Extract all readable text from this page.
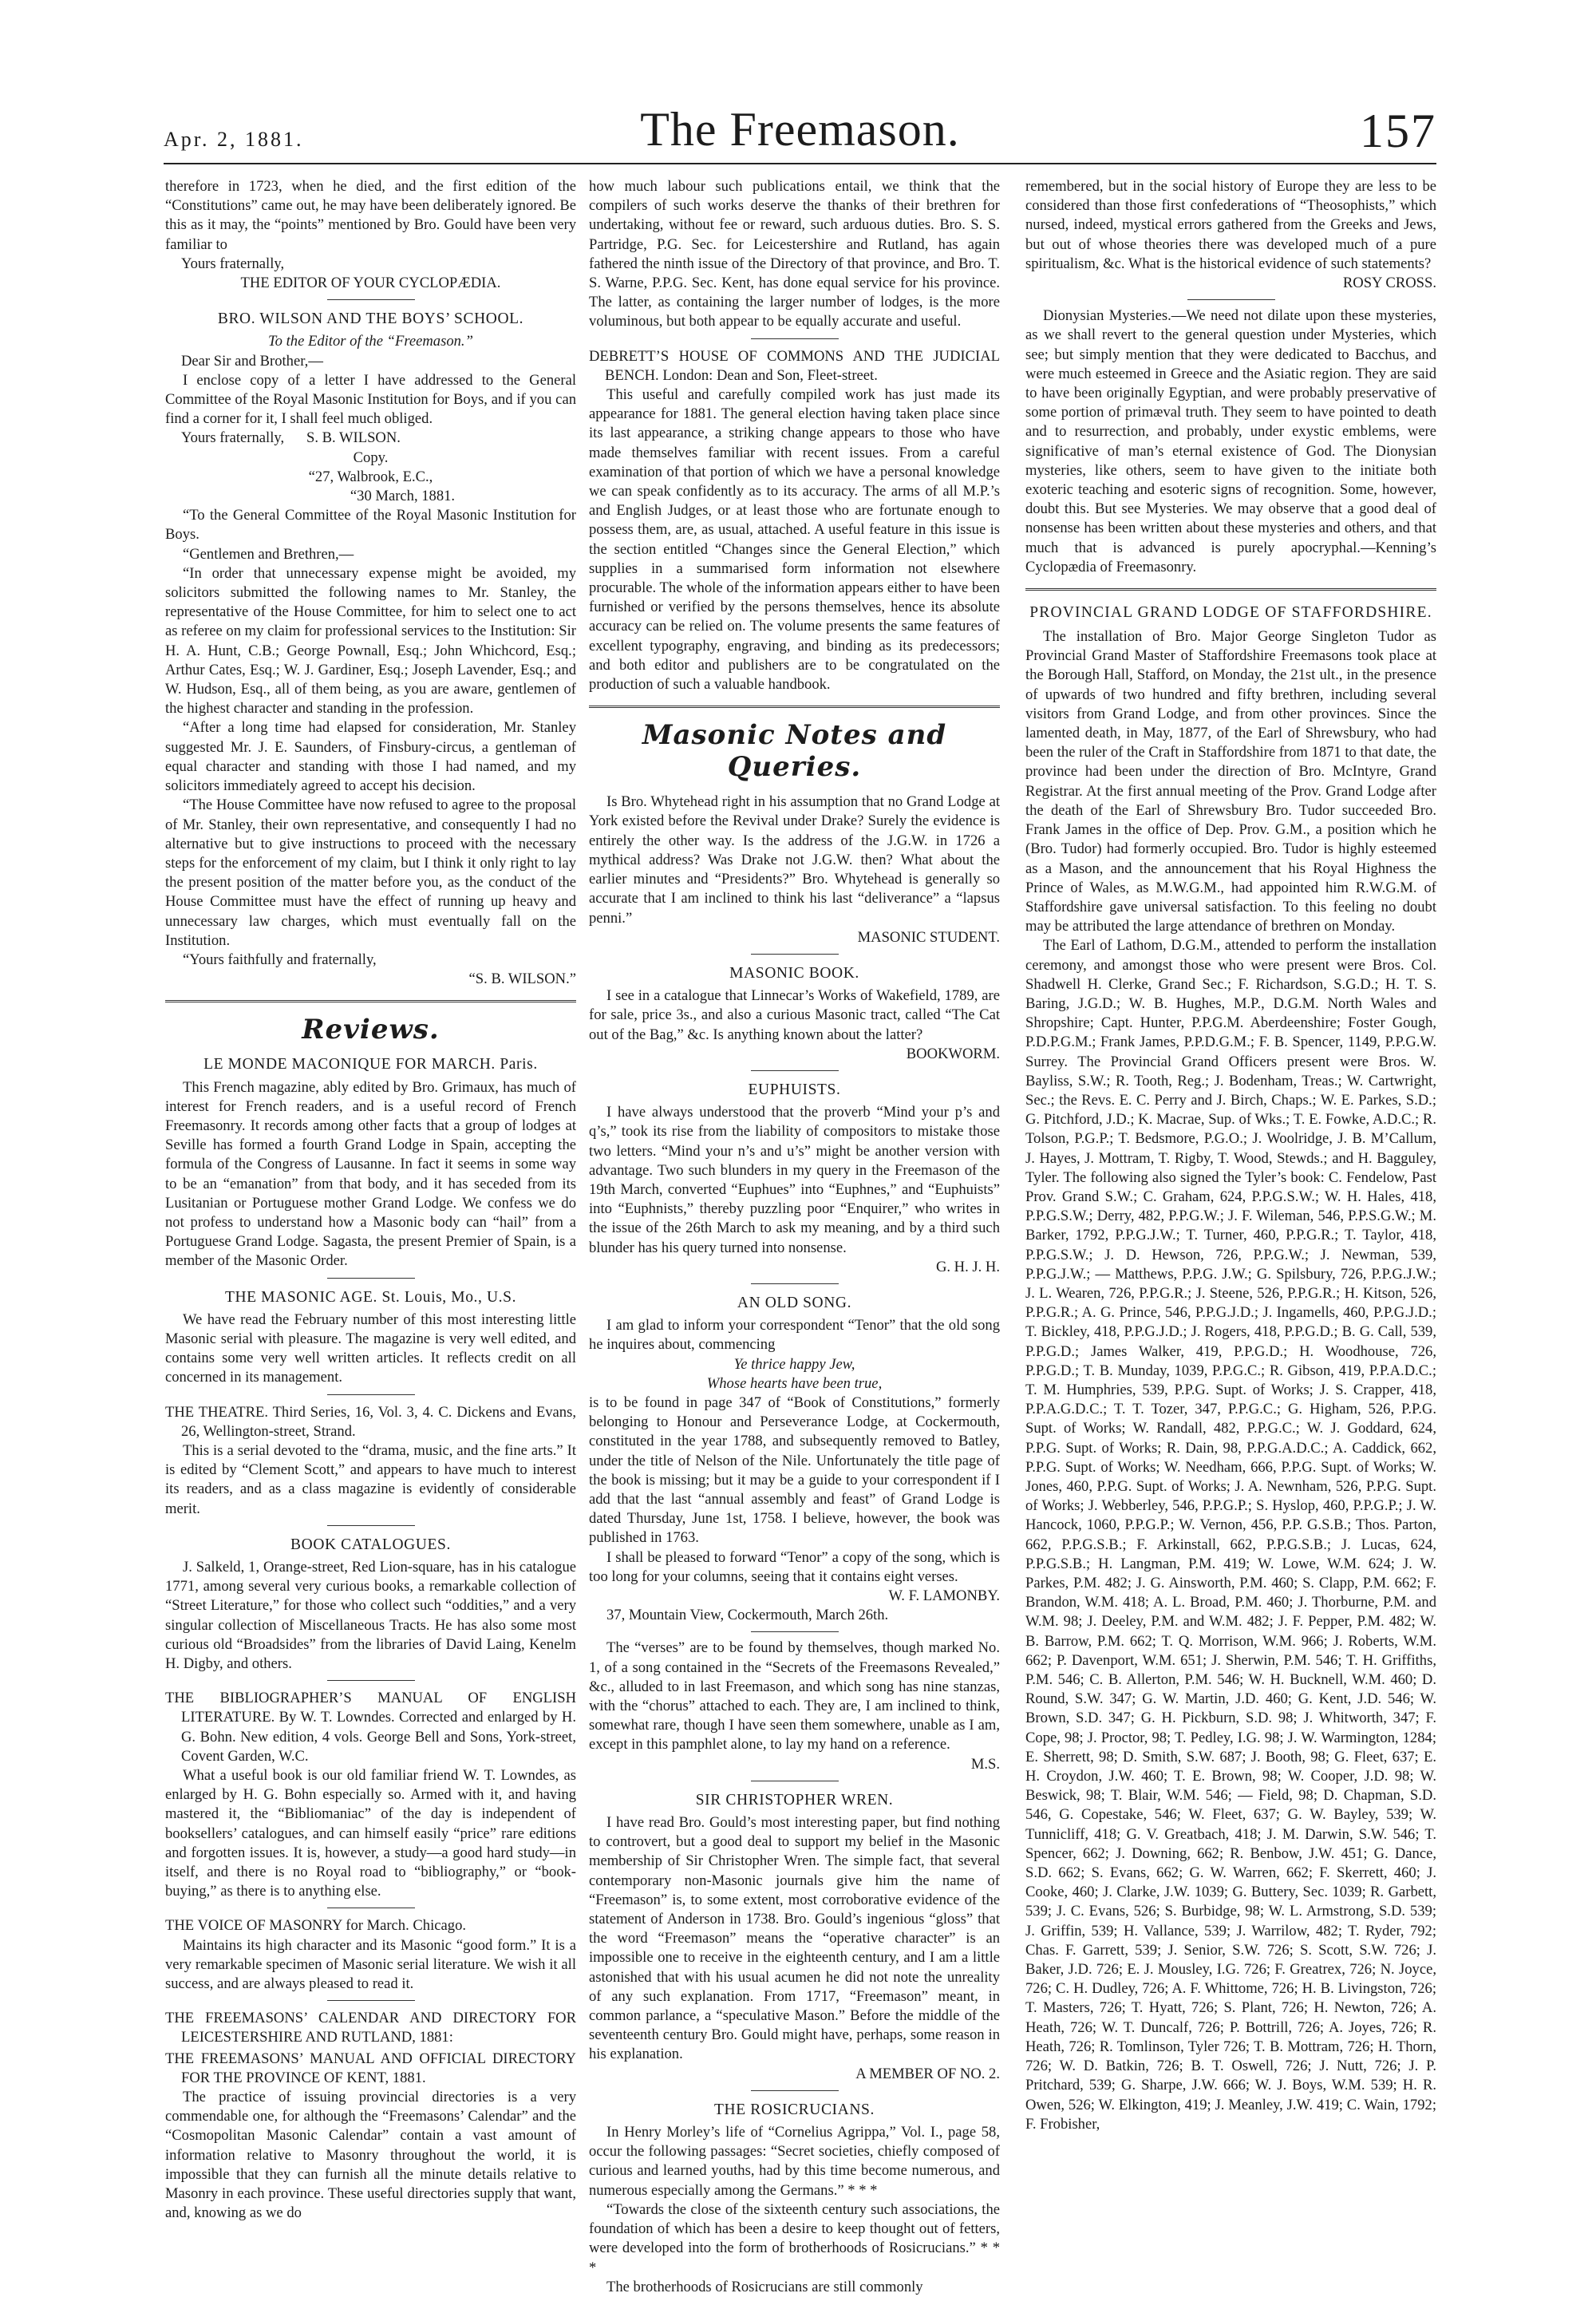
Apr. 2, 1881.	The Freemason.	157

therefore in 1723, when he died, and the first edition of the “Constitutions” came out, he may have been deliberately ignored. Be this as it may, the “points” mentioned by Bro. Gould have been very familiar to

Yours fraternally,

THE EDITOR OF YOUR CYCLOPÆDIA.

BRO. WILSON AND THE BOYS’ SCHOOL.

To the Editor of the “Freemason.”

Dear Sir and Brother,—

I enclose copy of a letter I have addressed to the General Committee of the Royal Masonic Institution for Boys, and if you can find a corner for it, I shall feel much obliged.

Yours fraternally,      S. B. WILSON.

Copy.

“27, Walbrook, E.C.,

“30 March, 1881.

“To the General Committee of the Royal Masonic Institution for Boys.

“Gentlemen and Brethren,—

“In order that unnecessary expense might be avoided, my solicitors submitted the following names to Mr. Stanley, the representative of the House Committee, for him to select one to act as referee on my claim for professional services to the Institution: Sir H. A. Hunt, C.B.; George Pownall, Esq.; John Whichcord, Esq.; Arthur Cates, Esq.; W. J. Gardiner, Esq.; Joseph Lavender, Esq.; and W. Hudson, Esq., all of them being, as you are aware, gentlemen of the highest character and standing in the profession.

“After a long time had elapsed for consideration, Mr. Stanley suggested Mr. J. E. Saunders, of Finsbury-circus, a gentleman of equal character and standing with those I had named, and my solicitors immediately agreed to accept his decision.

“The House Committee have now refused to agree to the proposal of Mr. Stanley, their own representative, and consequently I had no alternative but to give instructions to proceed with the necessary steps for the enforcement of my claim, but I think it only right to lay the present position of the matter before you, as the conduct of the House Committee must have the effect of running up heavy and unnecessary law charges, which must eventually fall on the Institution.

“Yours faithfully and fraternally,

“S. B. WILSON.”

Reviews.

LE MONDE MACONIQUE FOR MARCH. Paris.

This French magazine, ably edited by Bro. Grimaux, has much of interest for French readers, and is a useful record of French Freemasonry. It records among other facts that a group of lodges at Seville has formed a fourth Grand Lodge in Spain, accepting the formula of the Congress of Lausanne. In fact it seems in some way to be an “emanation” from that body, and it has seceded from its Lusitanian or Portuguese mother Grand Lodge. We confess we do not profess to understand how a Masonic body can “hail” from a Portuguese Grand Lodge. Sagasta, the present Premier of Spain, is a member of the Masonic Order.

THE MASONIC AGE. St. Louis, Mo., U.S.

We have read the February number of this most interesting little Masonic serial with pleasure. The magazine is very well edited, and contains some very well written articles. It reflects credit on all concerned in its management.

THE THEATRE. Third Series, 16, Vol. 3, 4. C. Dickens and Evans, 26, Wellington-street, Strand.

This is a serial devoted to the “drama, music, and the fine arts.” It is edited by “Clement Scott,” and appears to have much to interest its readers, and as a class magazine is evidently of considerable merit.

BOOK CATALOGUES.

J. Salkeld, 1, Orange-street, Red Lion-square, has in his catalogue 1771, among several very curious books, a remarkable collection of “Street Literature,” for those who collect such “oddities,” and a very singular collection of Miscellaneous Tracts. He has also some most curious old “Broadsides” from the libraries of David Laing, Kenelm H. Digby, and others.

THE BIBLIOGRAPHER’S MANUAL OF ENGLISH LITERATURE. By W. T. Lowndes. Corrected and enlarged by H. G. Bohn. New edition, 4 vols. George Bell and Sons, York-street, Covent Garden, W.C.

What a useful book is our old familiar friend W. T. Lowndes, as enlarged by H. G. Bohn especially so. Armed with it, and having mastered it, the “Bibliomaniac” of the day is independent of booksellers’ catalogues, and can himself easily “price” rare editions and forgotten issues. It is, however, a study—a good hard study—in itself, and there is no Royal road to “bibliography,” or “book-buying,” as there is to anything else.

THE VOICE OF MASONRY for March. Chicago.

Maintains its high character and its Masonic “good form.” It is a very remarkable specimen of Masonic serial literature. We wish it all success, and are always pleased to read it.

THE FREEMASONS’ CALENDAR AND DIRECTORY FOR LEICESTERSHIRE AND RUTLAND, 1881:

THE FREEMASONS’ MANUAL AND OFFICIAL DIRECTORY FOR THE PROVINCE OF KENT, 1881.

The practice of issuing provincial directories is a very commendable one, for although the “Freemasons’ Calendar” and the “Cosmopolitan Masonic Calendar” contain a vast amount of information relative to Masonry throughout the world, it is impossible that they can furnish all the minute details relative to Masonry in each province. These useful directories supply that want, and, knowing as we do

how much labour such publications entail, we think that the compilers of such works deserve the thanks of their brethren for undertaking, without fee or reward, such arduous duties. Bro. S. S. Partridge, P.G. Sec. for Leicestershire and Rutland, has again fathered the ninth issue of the Directory of that province, and Bro. T. S. Warne, P.P.G. Sec. Kent, has done equal service for his province. The latter, as containing the larger number of lodges, is the more voluminous, but both appear to be equally accurate and useful.

DEBRETT’S HOUSE OF COMMONS AND THE JUDICIAL BENCH. London: Dean and Son, Fleet-street.

This useful and carefully compiled work has just made its appearance for 1881. The general election having taken place since its last appearance, a striking change appears to those who have made themselves familiar with recent issues. From a careful examination of that portion of which we have a personal knowledge we can speak confidently as to its accuracy. The arms of all M.P.’s and English Judges, or at least those who are fortunate enough to possess them, are, as usual, attached. A useful feature in this issue is the section entitled “Changes since the General Election,” which supplies in a summarised form information not elsewhere procurable. The whole of the information appears either to have been furnished or verified by the persons themselves, hence its absolute accuracy can be relied on. The volume presents the same features of excellent typography, engraving, and binding as its predecessors; and both editor and publishers are to be congratulated on the production of such a valuable handbook.

Masonic Notes and Queries.

Is Bro. Whytehead right in his assumption that no Grand Lodge at York existed before the Revival under Drake? Surely the evidence is entirely the other way. Is the address of the J.G.W. in 1726 a mythical address? Was Drake not J.G.W. then? What about the earlier minutes and “Presidents?” Bro. Whytehead is generally so accurate that I am inclined to think his last “deliverance” a “lapsus penni.”

MASONIC STUDENT.

MASONIC BOOK.

I see in a catalogue that Linnecar’s Works of Wakefield, 1789, are for sale, price 3s., and also a curious Masonic tract, called “The Cat out of the Bag,” &c. Is anything known about the latter?

BOOKWORM.

EUPHUISTS.

I have always understood that the proverb “Mind your p’s and q’s,” took its rise from the liability of compositors to mistake those two letters. “Mind your n’s and u’s” might be another version with advantage. Two such blunders in my query in the Freemason of the 19th March, converted “Euphues” into “Euphnes,” and “Euphuists” into “Euphnists,” thereby puzzling poor “Enquirer,” who writes in the issue of the 26th March to ask my meaning, and by a third such blunder has his query turned into nonsense.

G. H. J. H.

AN OLD SONG.

I am glad to inform your correspondent “Tenor” that the old song he inquires about, commencing

Ye thrice happy Jew,

Whose hearts have been true,

is to be found in page 347 of “Book of Constitutions,” formerly belonging to Honour and Perseverance Lodge, at Cockermouth, constituted in the year 1788, and subsequently removed to Batley, under the title of Nelson of the Nile. Unfortunately the title page of the book is missing; but it may be a guide to your correspondent if I add that the last “annual assembly and feast” of Grand Lodge is dated Thursday, June 1st, 1758. I believe, however, the book was published in 1763.

I shall be pleased to forward “Tenor” a copy of the song, which is too long for your columns, seeing that it contains eight verses.

W. F. LAMONBY.

37, Mountain View, Cockermouth, March 26th.

The “verses” are to be found by themselves, though marked No. 1, of a song contained in the “Secrets of the Freemasons Revealed,” &c., alluded to in last Freemason, and which song has nine stanzas, with the “chorus” attached to each. They are, I am inclined to think, somewhat rare, though I have seen them somewhere, unable as I am, except in this pamphlet alone, to lay my hand on a reference.

M.S.

SIR CHRISTOPHER WREN.

I have read Bro. Gould’s most interesting paper, but find nothing to controvert, but a good deal to support my belief in the Masonic membership of Sir Christopher Wren. The simple fact, that several contemporary non-Masonic journals give him the name of “Freemason” is, to some extent, most corroborative evidence of the statement of Anderson in 1738. Bro. Gould’s ingenious “gloss” that the word “Freemason” means the “operative character” is an impossible one to receive in the eighteenth century, and I am a little astonished that with his usual acumen he did not note the unreality of any such explanation. From 1717, “Freemason” meant, in common parlance, a “speculative Mason.” Before the middle of the seventeenth century Bro. Gould might have, perhaps, some reason in his explanation.

A MEMBER OF NO. 2.

THE ROSICRUCIANS.

In Henry Morley’s life of “Cornelius Agrippa,” Vol. I., page 58, occur the following passages: “Secret societies, chiefly composed of curious and learned youths, had by this time become numerous, and numerous especially among the Germans.” * * *

“Towards the close of the sixteenth century such associations, the foundation of which has been a desire to keep thought out of fetters, were developed into the form of brotherhoods of Rosicrucians.” * * *

The brotherhoods of Rosicrucians are still commonly

remembered, but in the social history of Europe they are less to be considered than those first confederations of “Theosophists,” which nursed, indeed, mystical errors gathered from the Greeks and Jews, but out of whose theories there was developed much of a pure spiritualism, &c. What is the historical evidence of such statements?

ROSY CROSS.

Dionysian Mysteries.—We need not dilate upon these mysteries, as we shall revert to the general question under Mysteries, which see; but simply mention that they were dedicated to Bacchus, and were much esteemed in Greece and the Asiatic region. They are said to have been originally Egyptian, and were probably preservative of some portion of primæval truth. They seem to have pointed to death and to resurrection, and probably, under exystic emblems, were significative of man’s eternal existence of God. The Dionysian mysteries, like others, seem to have given to the initiate both exoteric teaching and esoteric signs of recognition. Some, however, doubt this. But see Mysteries. We may observe that a good deal of nonsense has been written about these mysteries and others, and that much that is advanced is purely apocryphal.—Kenning’s Cyclopædia of Freemasonry.

PROVINCIAL GRAND LODGE OF STAFFORDSHIRE.

The installation of Bro. Major George Singleton Tudor as Provincial Grand Master of Staffordshire Freemasons took place at the Borough Hall, Stafford, on Monday, the 21st ult., in the presence of upwards of two hundred and fifty brethren, including several visitors from Grand Lodge, and from other provinces. Since the lamented death, in May, 1877, of the Earl of Shrewsbury, who had been the ruler of the Craft in Staffordshire from 1871 to that date, the province had been under the direction of Bro. McIntyre, Grand Registrar. At the first annual meeting of the Prov. Grand Lodge after the death of the Earl of Shrewsbury Bro. Tudor succeeded Bro. Frank James in the office of Dep. Prov. G.M., a position which he (Bro. Tudor) had formerly occupied. Bro. Tudor is highly esteemed as a Mason, and the announcement that his Royal Highness the Prince of Wales, as M.W.G.M., had appointed him R.W.G.M. of Staffordshire gave universal satisfaction. To this feeling no doubt may be attributed the large attendance of brethren on Monday.

The Earl of Lathom, D.G.M., attended to perform the installation ceremony, and amongst those who were present were Bros. Col. Shadwell H. Clerke, Grand Sec.; F. Richardson, S.G.D.; H. T. S. Baring, J.G.D.; W. B. Hughes, M.P., D.G.M. North Wales and Shropshire; Capt. Hunter, P.P.G.M. Aberdeenshire; Foster Gough, P.D.P.G.M.; Frank James, P.P.D.G.M.; F. B. Spencer, 1149, P.P.G.W. Surrey. The Provincial Grand Officers present were Bros. W. Bayliss, S.W.; R. Tooth, Reg.; J. Bodenham, Treas.; W. Cartwright, Sec.; the Revs. E. C. Perry and J. Birch, Chaps.; W. E. Parkes, S.D.; G. Pitchford, J.D.; K. Macrae, Sup. of Wks.; T. E. Fowke, A.D.C.; R. Tolson, P.G.P.; T. Bedsmore, P.G.O.; J. Woolridge, J. B. M’Callum, J. Hayes, J. Mottram, T. Rigby, T. Wood, Stewds.; and H. Bagguley, Tyler. The following also signed the Tyler’s book: C. Fendelow, Past Prov. Grand S.W.; C. Graham, 624, P.P.G.S.W.; W. H. Hales, 418, P.P.G.S.W.; Derry, 482, P.P.G.W.; J. F. Wileman, 546, P.P.S.G.W.; M. Barker, 1792, P.P.G.J.W.; T. Turner, 460, P.P.G.R.; T. Taylor, 418, P.P.G.S.W.; J. D. Hewson, 726, P.P.G.W.; J. Newman, 539, P.P.G.J.W.; — Matthews, P.P.G. J.W.; G. Spilsbury, 726, P.P.G.J.W.; J. L. Wearen, 726, P.P.G.R.; J. Steene, 526, P.P.G.R.; H. Kitson, 526, P.P.G.R.; A. G. Prince, 546, P.P.G.J.D.; J. Ingamells, 460, P.P.G.J.D.; T. Bickley, 418, P.P.G.J.D.; J. Rogers, 418, P.P.G.D.; B. G. Call, 539, P.P.G.D.; James Walker, 419, P.P.G.D.; H. Woodhouse, 726, P.P.G.D.; T. B. Munday, 1039, P.P.G.C.; R. Gibson, 419, P.P.A.D.C.; T. M. Humphries, 539, P.P.G. Supt. of Works; J. S. Crapper, 418, P.P.A.G.D.C.; T. T. Tozer, 347, P.P.G.C.; G. Higham, 526, P.P.G. Supt. of Works; W. Randall, 482, P.P.G.C.; W. J. Goddard, 624, P.P.G. Supt. of Works; R. Dain, 98, P.P.G.A.D.C.; A. Caddick, 662, P.P.G. Supt. of Works; W. Needham, 666, P.P.G. Supt. of Works; W. Jones, 460, P.P.G. Supt. of Works; J. A. Newnham, 526, P.P.G. Supt. of Works; J. Webberley, 546, P.P.G.P.; S. Hyslop, 460, P.P.G.P.; J. W. Hancock, 1060, P.P.G.P.; W. Vernon, 456, P.P. G.S.B.; Thos. Parton, 662, P.P.G.S.B.; F. Arkinstall, 662, P.P.G.S.B.; J. Lucas, 624, P.P.G.S.B.; H. Langman, P.M. 419; W. Lowe, W.M. 624; J. W. Parkes, P.M. 482; J. G. Ainsworth, P.M. 460; S. Clapp, P.M. 662; F. Brandon, W.M. 418; A. L. Broad, P.M. 460; J. Thorburne, P.M. and W.M. 98; J. Deeley, P.M. and W.M. 482; J. F. Pepper, P.M. 482; W. B. Barrow, P.M. 662; T. Q. Morrison, W.M. 966; J. Roberts, W.M. 662; P. Davenport, W.M. 651; J. Sherwin, P.M. 546; T. H. Griffiths, P.M. 546; C. B. Allerton, P.M. 546; W. H. Bucknell, W.M. 460; D. Round, S.W. 347; G. W. Martin, J.D. 460; G. Kent, J.D. 546; W. Brown, S.D. 347; G. H. Pickburn, S.D. 98; J. Whitworth, 347; F. Cope, 98; J. Proctor, 98; T. Pedley, I.G. 98; J. W. Warmington, 1284; E. Sherrett, 98; D. Smith, S.W. 687; J. Booth, 98; G. Fleet, 637; E. H. Croydon, J.W. 460; T. E. Brown, 98; W. Cooper, J.D. 98; W. Beswick, 98; T. Blair, W.M. 546; — Field, 98; D. Chapman, S.D. 546, G. Copestake, 546; W. Fleet, 637; G. W. Bayley, 539; W. Tunnicliff, 418; G. V. Greatbach, 418; J. M. Darwin, S.W. 546; T. Spencer, 662; J. Downing, 662; R. Benbow, J.W. 451; G. Dance, S.D. 662; S. Evans, 662; G. W. Warren, 662; F. Skerrett, 460; J. Cooke, 460; J. Clarke, J.W. 1039; G. Buttery, Sec. 1039; R. Garbett, 539; J. C. Evans, 526; S. Burbidge, 98; W. L. Armstrong, S.D. 539; J. Griffin, 539; H. Vallance, 539; J. Warrilow, 482; T. Ryder, 792; Chas. F. Garrett, 539; J. Senior, S.W. 726; S. Scott, S.W. 726; J. Baker, J.D. 726; E. J. Mousley, I.G. 726; F. Greatrex, 726; N. Joyce, 726; C. H. Dudley, 726; A. F. Whittome, 726; H. B. Livingston, 726; T. Masters, 726; T. Hyatt, 726; S. Plant, 726; H. Newton, 726; A. Heath, 726; W. T. Duncalf, 726; P. Bottrill, 726; A. Joyes, 726; R. Heath, 726; R. Tomlinson, Tyler 726; T. B. Mottram, 726; H. Thorn, 726; W. D. Batkin, 726; B. T. Oswell, 726; J. Nutt, 726; J. P. Pritchard, 539; G. Sharpe, J.W. 666; W. J. Boys, W.M. 539; H. R. Owen, 526; W. Elkington, 419; J. Meanley, J.W. 419; C. Wain, 1792; F. Frobisher,
